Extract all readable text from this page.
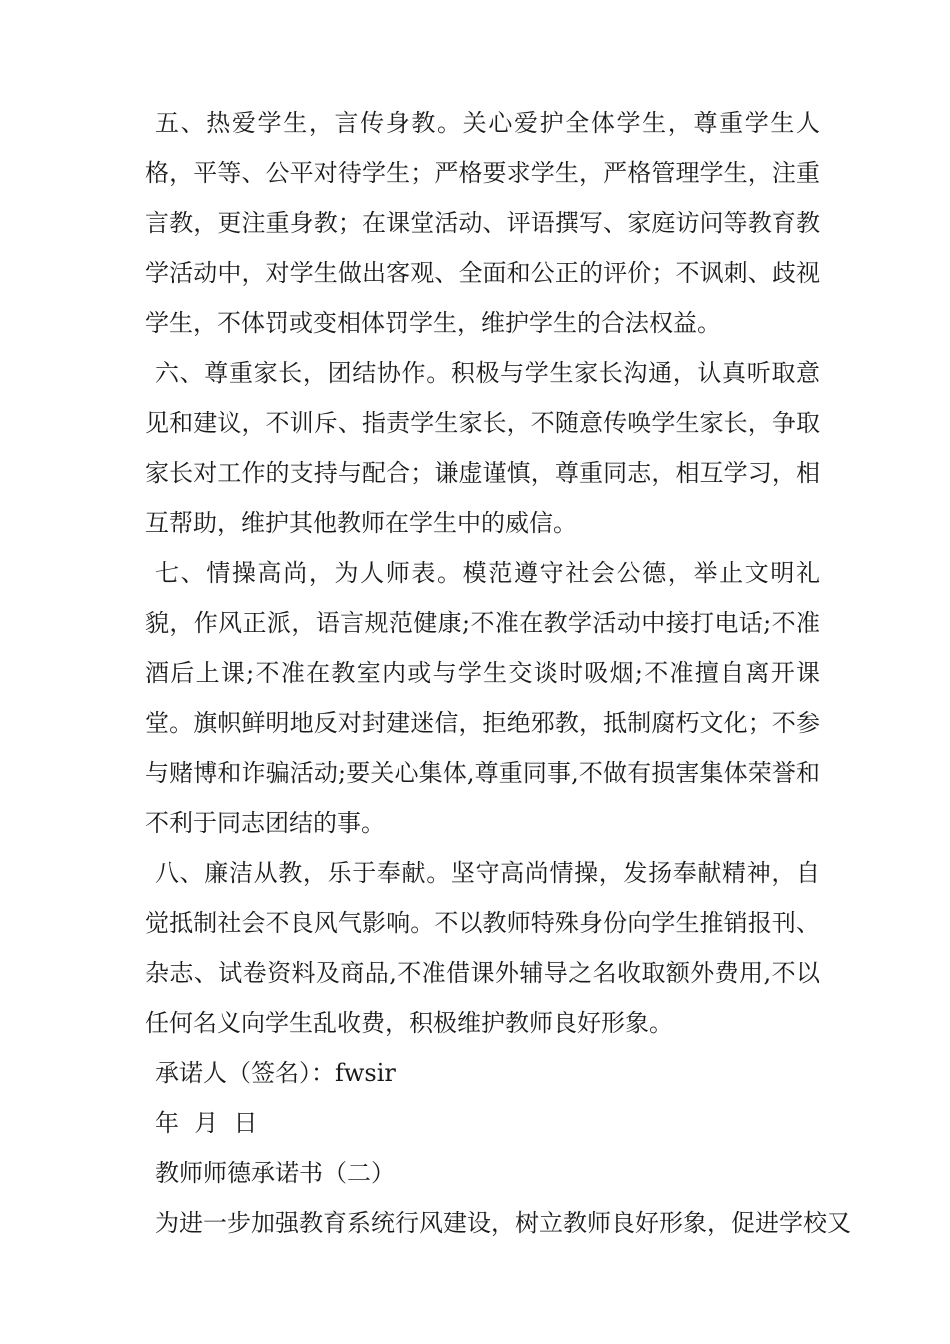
五、热爱学生，言传身教。关心爱护全体学生，尊重学生人格，平等、公平对待学生；严格要求学生，严格管理学生，注重言教，更注重身教；在课堂活动、评语撰写、家庭访问等教育教学活动中，对学生做出客观、全面和公正的评价；不讽刺、歧视学生，不体罚或变相体罚学生，维护学生的合法权益。

六、尊重家长，团结协作。积极与学生家长沟通，认真听取意见和建议，不训斥、指责学生家长，不随意传唤学生家长，争取家长对工作的支持与配合；谦虚谨慎，尊重同志，相互学习，相互帮助，维护其他教师在学生中的威信。

七、情操高尚，为人师表。模范遵守社会公德，举止文明礼貌，作风正派，语言规范健康;不准在教学活动中接打电话;不准酒后上课;不准在教室内或与学生交谈时吸烟;不准擅自离开课堂。旗帜鲜明地反对封建迷信，拒绝邪教，抵制腐朽文化；不参与赌博和诈骗活动;要关心集体,尊重同事,不做有损害集体荣誉和不利于同志团结的事。

八、廉洁从教，乐于奉献。坚守高尚情操，发扬奉献精神，自觉抵制社会不良风气影响。不以教师特殊身份向学生推销报刊、杂志、试卷资料及商品,不准借课外辅导之名收取额外费用,不以任何名义向学生乱收费，积极维护教师良好形象。

承诺人（签名）：fwsir

年  月  日

教师师德承诺书（二）

为进一步加强教育系统行风建设，树立教师良好形象，促进学校又
